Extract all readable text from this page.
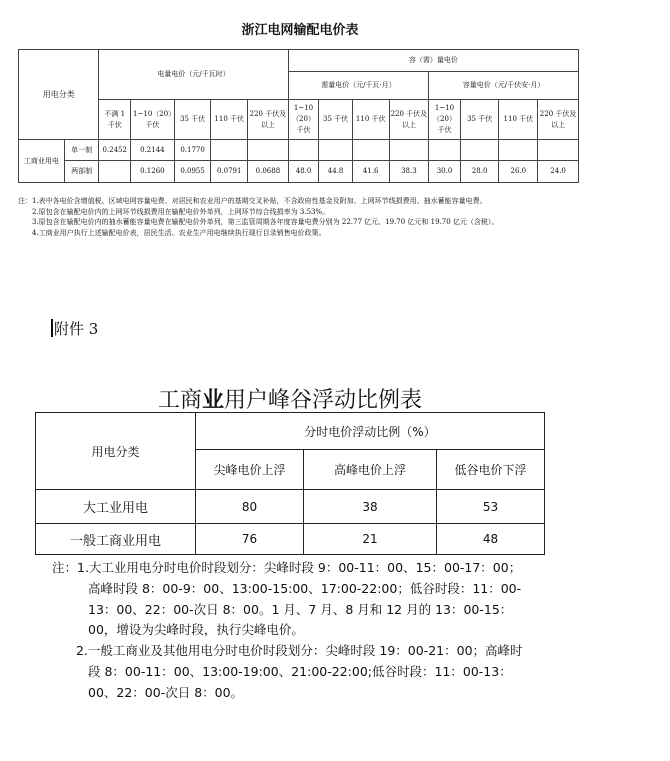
浙江电网输配电价表
用电分类		电量电价（元/千瓦时）					容（需）量电价							
							需量电价（元/千瓦·月）				容量电价（元/千伏安·月）			
		不满 1 千伏	1~10（20）千伏	35 千伏	110 千伏	220 千伏及以上	1~10（20）千伏	35 千伏	110 千伏	220 千伏及以上	1~10（20）千伏	35 千伏	110 千伏	220 千伏及以上
工商业用电	单一制	0.2452	0.2144	0.1770										
	两部制		0.1260	0.0955	0.0791	0.0688	48.0	44.8	41.6	38.3	30.0	28.0	26.0	24.0
注：1.表中各电价含增值税、区域电网容量电费、对居民和农业用户的基期交叉补贴，不含政府性基金及附加、上网环节线损费用、抽水蓄能容量电费。
2.原包含在输配电价内的上网环节线损费用在输配电价外单列，上网环节综合线损率为 3.53%。
3.原包含在输配电价内的抽水蓄能容量电费在输配电价外单列，第三监管周期各年度容量电费分别为 22.77 亿元、19.70 亿元和 19.70 亿元（含税）。
4.工商业用户执行上述输配电价表，居民生活、农业生产用电继续执行现行目录销售电价政策。
附件 3
工商业用户峰谷浮动比例表
用电分类	分时电价浮动比例（%）		
	尖峰电价上浮	高峰电价上浮	低谷电价下浮
大工业用电	80	38	53
一般工商业用电	76	21	48
注：1.大工业用电分时电价时段划分：尖峰时段 9：00-11：00、15：00-17：00；高峰时段 8：00-9：00、13:00-15:00、17:00-22:00；低谷时段：11：00-13：00、22：00-次日 8：00。1 月、7 月、8 月和 12 月的 13：00-15：00，增设为尖峰时段，执行尖峰电价。
2.一般工商业及其他用电分时电价时段划分：尖峰时段 19：00-21：00；高峰时段 8：00-11：00、13:00-19:00、21:00-22:00;低谷时段：11：00-13：00、22：00-次日 8：00。
